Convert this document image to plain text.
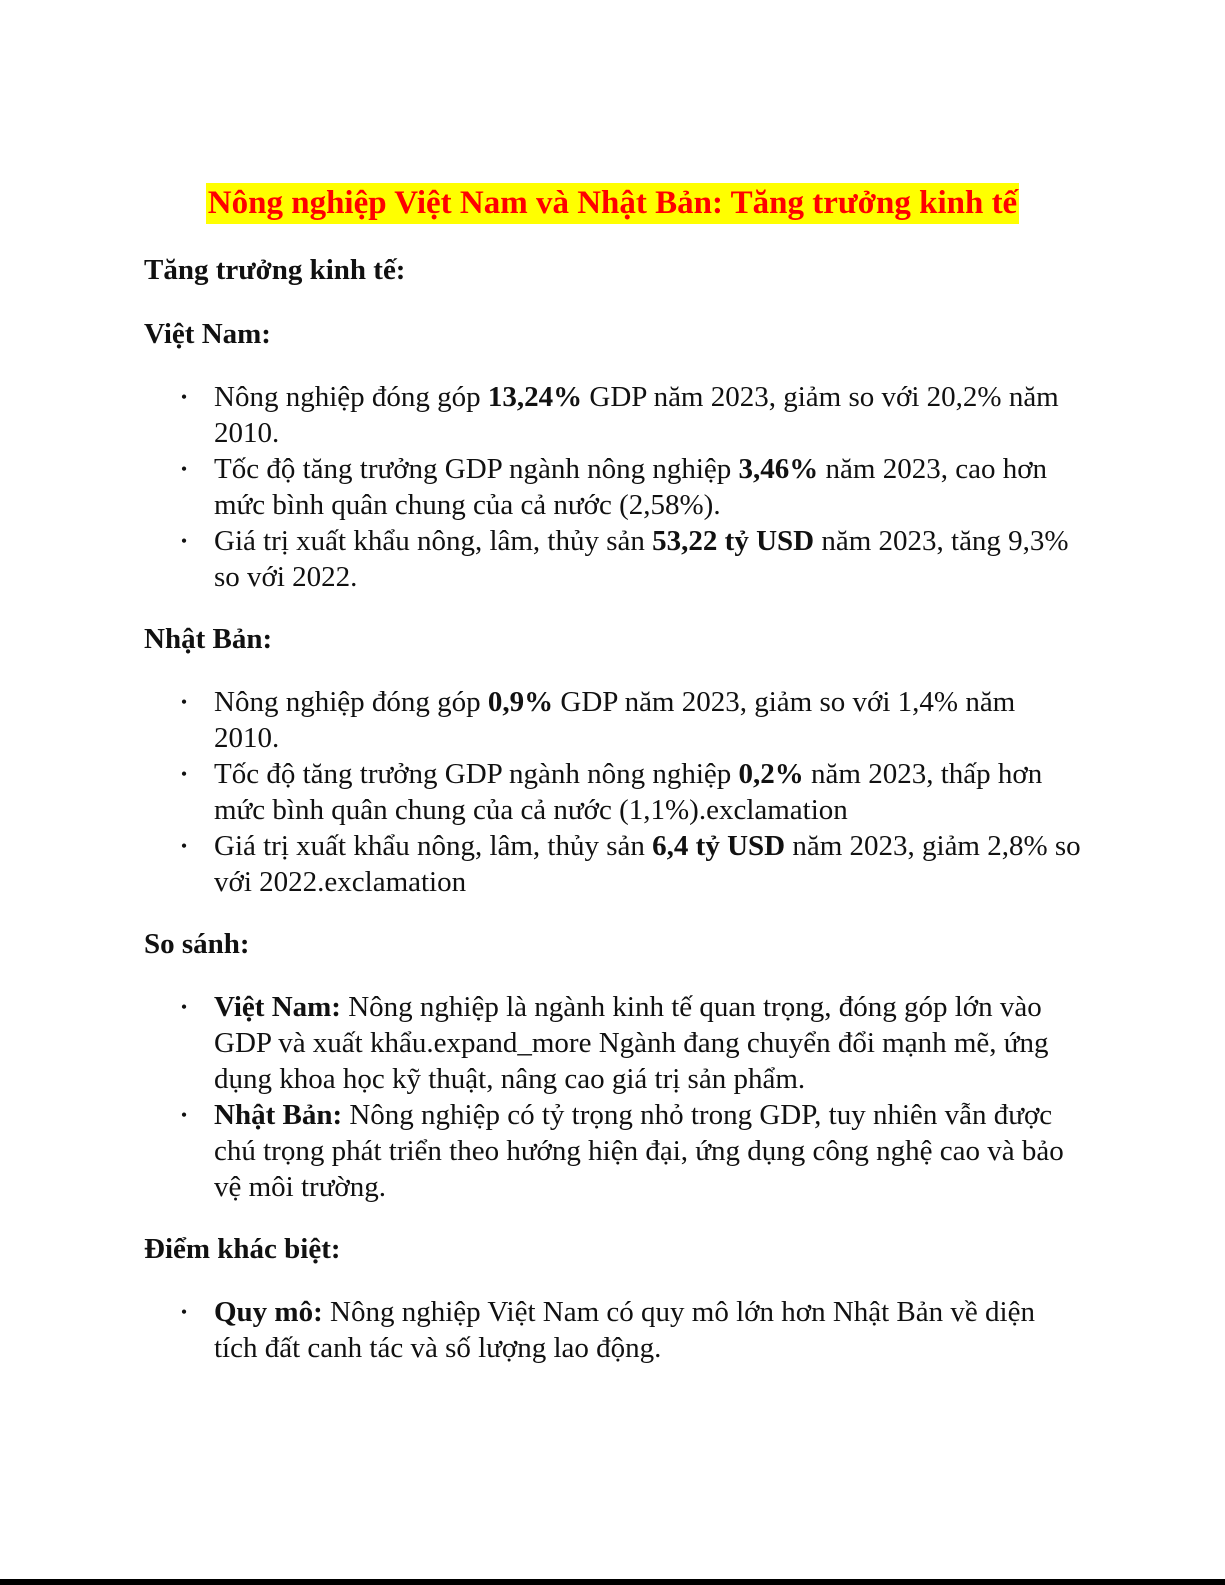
Nông nghiệp Việt Nam và Nhật Bản: Tăng trưởng kinh tế
Tăng trưởng kinh tế:
Việt Nam:
• Nông nghiệp đóng góp 13,24% GDP năm 2023, giảm so với 20,2% năm 2010.
• Tốc độ tăng trưởng GDP ngành nông nghiệp 3,46% năm 2023, cao hơn mức bình quân chung của cả nước (2,58%).
• Giá trị xuất khẩu nông, lâm, thủy sản 53,22 tỷ USD năm 2023, tăng 9,3% so với 2022.
Nhật Bản:
• Nông nghiệp đóng góp 0,9% GDP năm 2023, giảm so với 1,4% năm 2010.
• Tốc độ tăng trưởng GDP ngành nông nghiệp 0,2% năm 2023, thấp hơn mức bình quân chung của cả nước (1,1%).exclamation
• Giá trị xuất khẩu nông, lâm, thủy sản 6,4 tỷ USD năm 2023, giảm 2,8% so với 2022.exclamation
So sánh:
• Việt Nam: Nông nghiệp là ngành kinh tế quan trọng, đóng góp lớn vào GDP và xuất khẩu.expand_more Ngành đang chuyển đổi mạnh mẽ, ứng dụng khoa học kỹ thuật, nâng cao giá trị sản phẩm.
• Nhật Bản: Nông nghiệp có tỷ trọng nhỏ trong GDP, tuy nhiên vẫn được chú trọng phát triển theo hướng hiện đại, ứng dụng công nghệ cao và bảo vệ môi trường.
Điểm khác biệt:
• Quy mô: Nông nghiệp Việt Nam có quy mô lớn hơn Nhật Bản về diện tích đất canh tác và số lượng lao động.
